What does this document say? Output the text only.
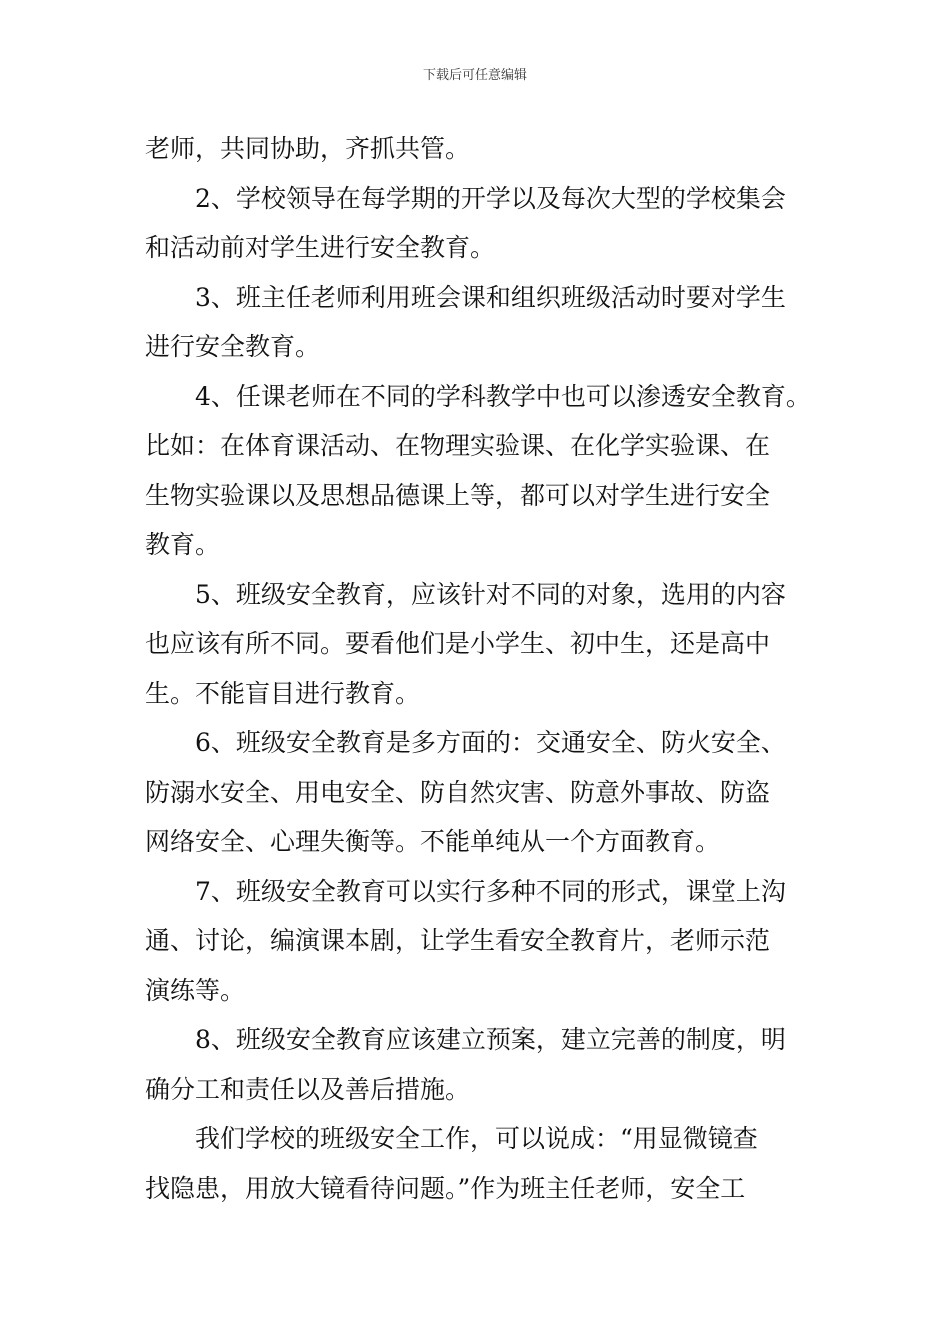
下载后可任意编辑
老师，共同协助，齐抓共管。
2、学校领导在每学期的开学以及每次大型的学校集会
和活动前对学生进行安全教育。
3、班主任老师利用班会课和组织班级活动时要对学生
进行安全教育。
4、任课老师在不同的学科教学中也可以渗透安全教育。
比如：在体育课活动、在物理实验课、在化学实验课、在
生物实验课以及思想品德课上等，都可以对学生进行安全
教育。
5、班级安全教育，应该针对不同的对象，选用的内容
也应该有所不同。要看他们是小学生、初中生，还是高中
生。不能盲目进行教育。
6、班级安全教育是多方面的：交通安全、防火安全、
防溺水安全、用电安全、防自然灾害、防意外事故、防盗
网络安全、心理失衡等。不能单纯从一个方面教育。
7、班级安全教育可以实行多种不同的形式，课堂上沟
通、讨论，编演课本剧，让学生看安全教育片，老师示范
演练等。
8、班级安全教育应该建立预案，建立完善的制度，明
确分工和责任以及善后措施。
我们学校的班级安全工作，可以说成：“用显微镜查
找隐患，用放大镜看待问题。”作为班主任老师，安全工
